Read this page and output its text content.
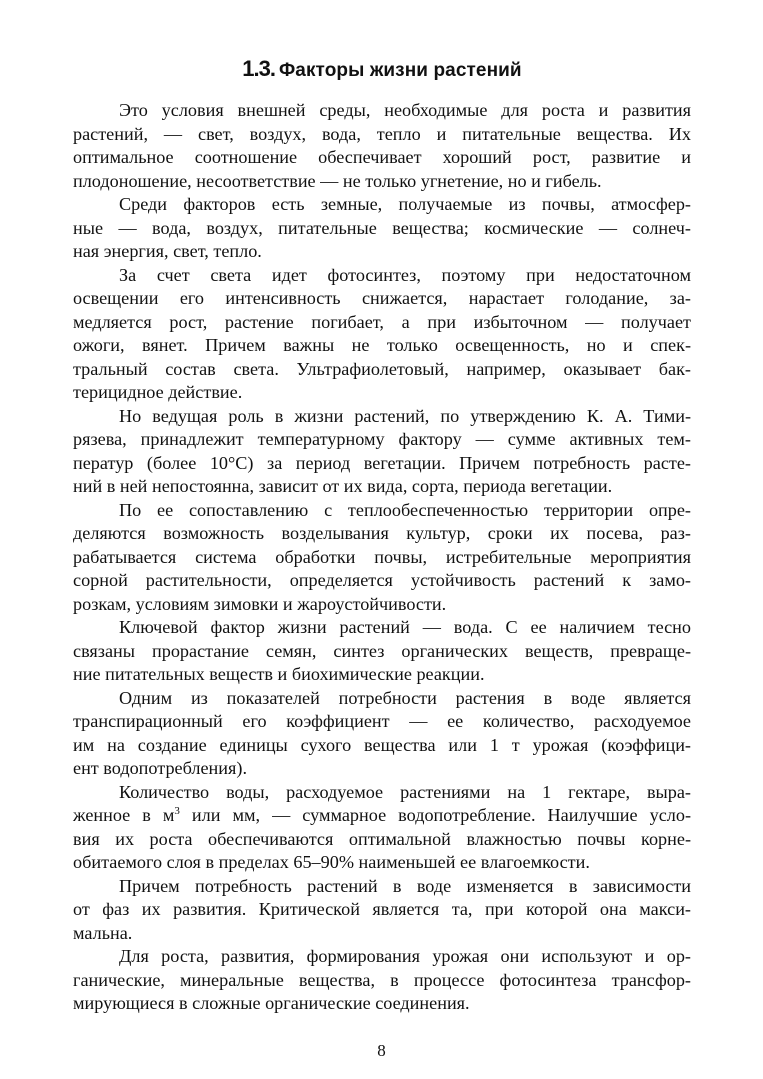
1.3. Факторы жизни растений

Это условия внешней среды, необходимые для роста и развития
растений, — свет, воздух, вода, тепло и питательные вещества. Их
оптимальное соотношение обеспечивает хороший рост, развитие и
плодоношение, несоответствие — не только угнетение, но и гибель.

Среди факторов есть земные, получаемые из почвы, атмосфер-
ные — вода, воздух, питательные вещества; космические — солнеч-
ная энергия, свет, тепло.

За счет света идет фотосинтез, поэтому при недостаточном
освещении его интенсивность снижается, нарастает голодание, за-
медляется рост, растение погибает, а при избыточном — получает
ожоги, вянет. Причем важны не только освещенность, но и спек-
тральный состав света. Ультрафиолетовый, например, оказывает бак-
терицидное действие.

Но ведущая роль в жизни растений, по утверждению К. А. Тими-
рязева, принадлежит температурному фактору — сумме активных тем-
ператур (более 10°C) за период вегетации. Причем потребность расте-
ний в ней непостоянна, зависит от их вида, сорта, периода вегетации.

По ее сопоставлению с теплообеспеченностью территории опре-
деляются возможность возделывания культур, сроки их посева, раз-
рабатывается система обработки почвы, истребительные мероприятия
сорной растительности, определяется устойчивость растений к замо-
розкам, условиям зимовки и жароустойчивости.

Ключевой фактор жизни растений — вода. С ее наличием тесно
связаны прорастание семян, синтез органических веществ, превраще-
ние питательных веществ и биохимические реакции.

Одним из показателей потребности растения в воде является
транспирационный его коэффициент — ее количество, расходуемое
им на создание единицы сухого вещества или 1 т урожая (коэффици-
ент водопотребления).

Количество воды, расходуемое растениями на 1 гектаре, выра-
женное в $м^3$ или мм, — суммарное водопотребление. Наилучшие усло-
вия их роста обеспечиваются оптимальной влажностью почвы корне-
обитаемого слоя в пределах 65–90% наименьшей ее влагоемкости.

Причем потребность растений в воде изменяется в зависимости
от фаз их развития. Критической является та, при которой она макси-
мальна.

Для роста, развития, формирования урожая они используют и ор-
ганические, минеральные вещества, в процессе фотосинтеза трансфор-
мирующиеся в сложные органические соединения.

8
